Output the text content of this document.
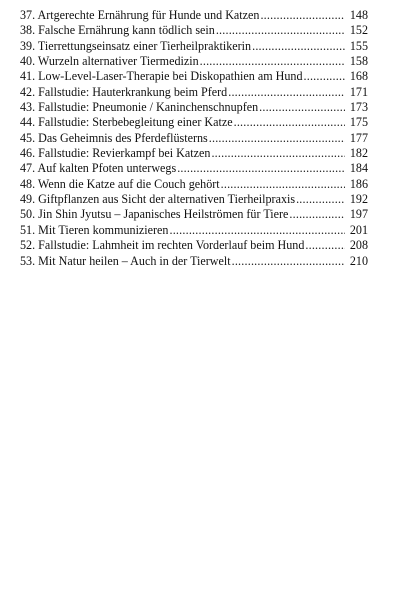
37. Artgerechte Ernährung für Hunde und Katzen .....	148
38. Falsche Ernährung kann tödlich sein .....	152
39. Tierrettungseinsatz einer Tierheilpraktikerin .....	155
40. Wurzeln alternativer Tiermedizin .....	158
41. Low-Level-Laser-Therapie bei Diskopathien am Hund .....	168
42. Fallstudie: Hauterkrankung beim Pferd .....	171
43. Fallstudie: Pneumonie / Kaninchenschnupfen .....	173
44. Fallstudie: Sterbebegleitung einer Katze .....	175
45. Das Geheimnis des Pferdeflüsterns .....	177
46. Fallstudie: Revierkampf bei Katzen .....	182
47. Auf kalten Pfoten unterwegs .....	184
48. Wenn die Katze auf die Couch gehört .....	186
49. Giftpflanzen aus Sicht der alternativen Tierheilpraxis .....	192
50. Jin Shin Jyutsu – Japanisches Heilströmen für Tiere .....	197
51. Mit Tieren kommunizieren .....	201
52. Fallstudie: Lahmheit im rechten Vorderlauf beim Hund .....	208
53. Mit Natur heilen – Auch in der Tierwelt .....	210
